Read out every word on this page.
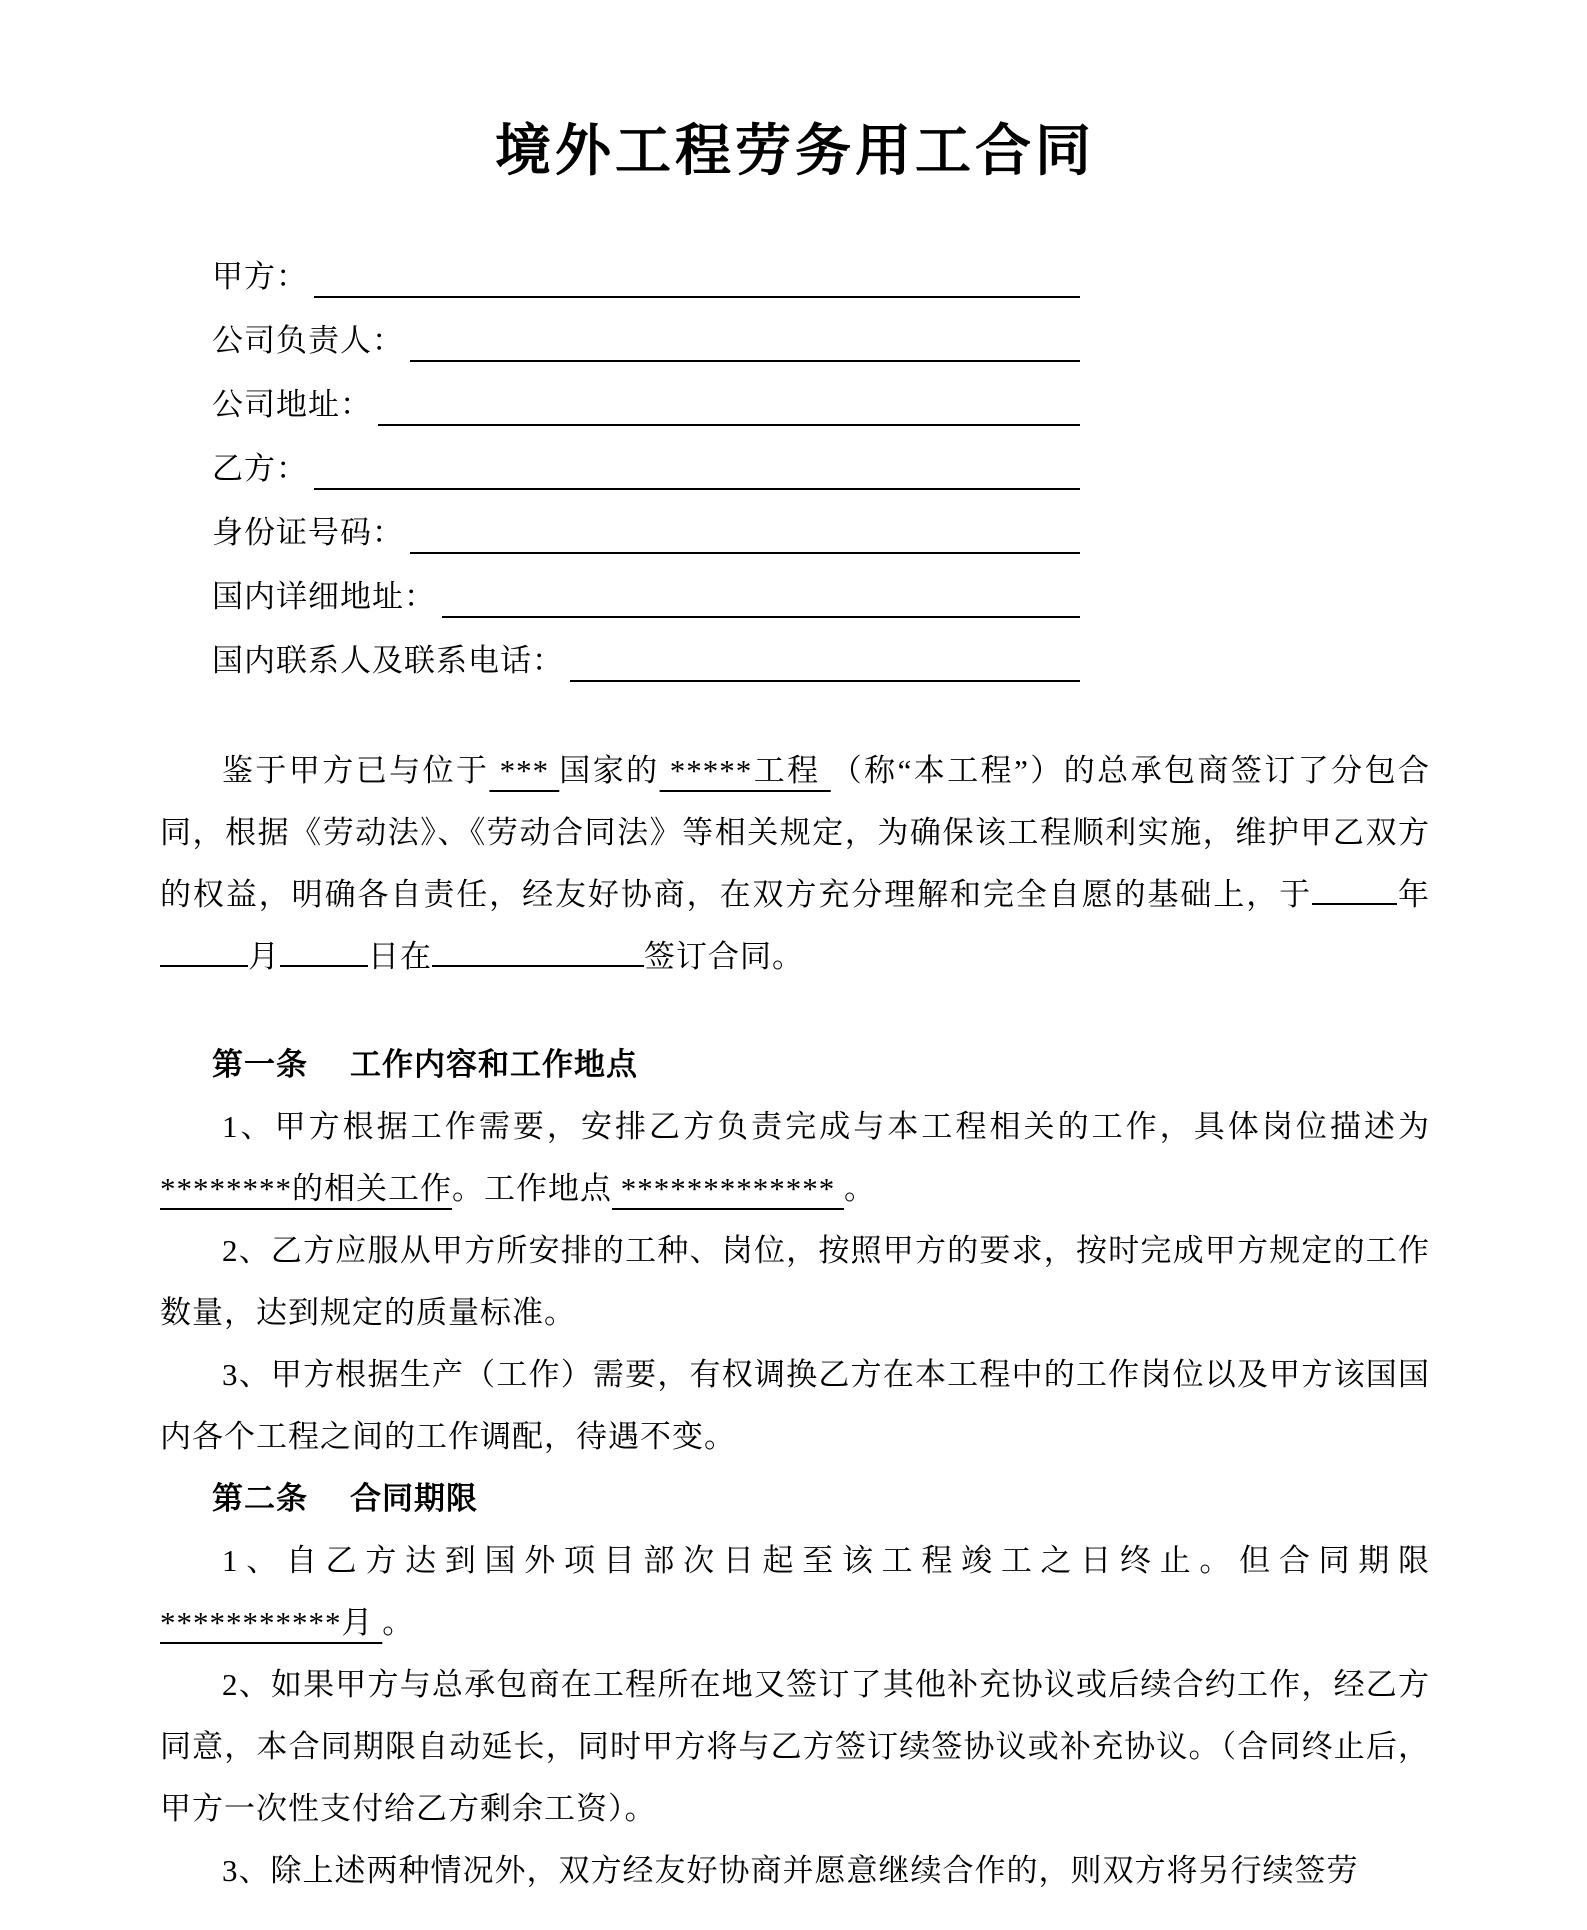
境外工程劳务用工合同
甲方：
公司负责人：
公司地址：
乙方：
身份证号码：
国内详细地址：
国内联系人及联系电话：
鉴于甲方已与位于 *** 国家的 *****工程 （称“本工程”）的总承包商签订了分包合同，根据《劳动法》、《劳动合同法》等相关规定，为确保该工程顺利实施，维护甲乙双方的权益，明确各自责任，经友好协商，在双方充分理解和完全自愿的基础上，于	年月	日在	签订合同。
第一条 工作内容和工作地点
1、甲方根据工作需要，安排乙方负责完成与本工程相关的工作，具体岗位描述为********的相关工作。工作地点 ************* 。
2、乙方应服从甲方所安排的工种、岗位，按照甲方的要求，按时完成甲方规定的工作数量，达到规定的质量标准。
3、甲方根据生产（工作）需要，有权调换乙方在本工程中的工作岗位以及甲方该国国内各个工程之间的工作调配，待遇不变。
第二条 合同期限
1、自乙方达到国外项目部次日起至该工程竣工之日终止。但合同期限***********月 。
2、如果甲方与总承包商在工程所在地又签订了其他补充协议或后续合约工作，经乙方同意，本合同期限自动延长，同时甲方将与乙方签订续签协议或补充协议。（合同终止后，甲方一次性支付给乙方剩余工资）。
3、除上述两种情况外，双方经友好协商并愿意继续合作的，则双方将另行续签劳
